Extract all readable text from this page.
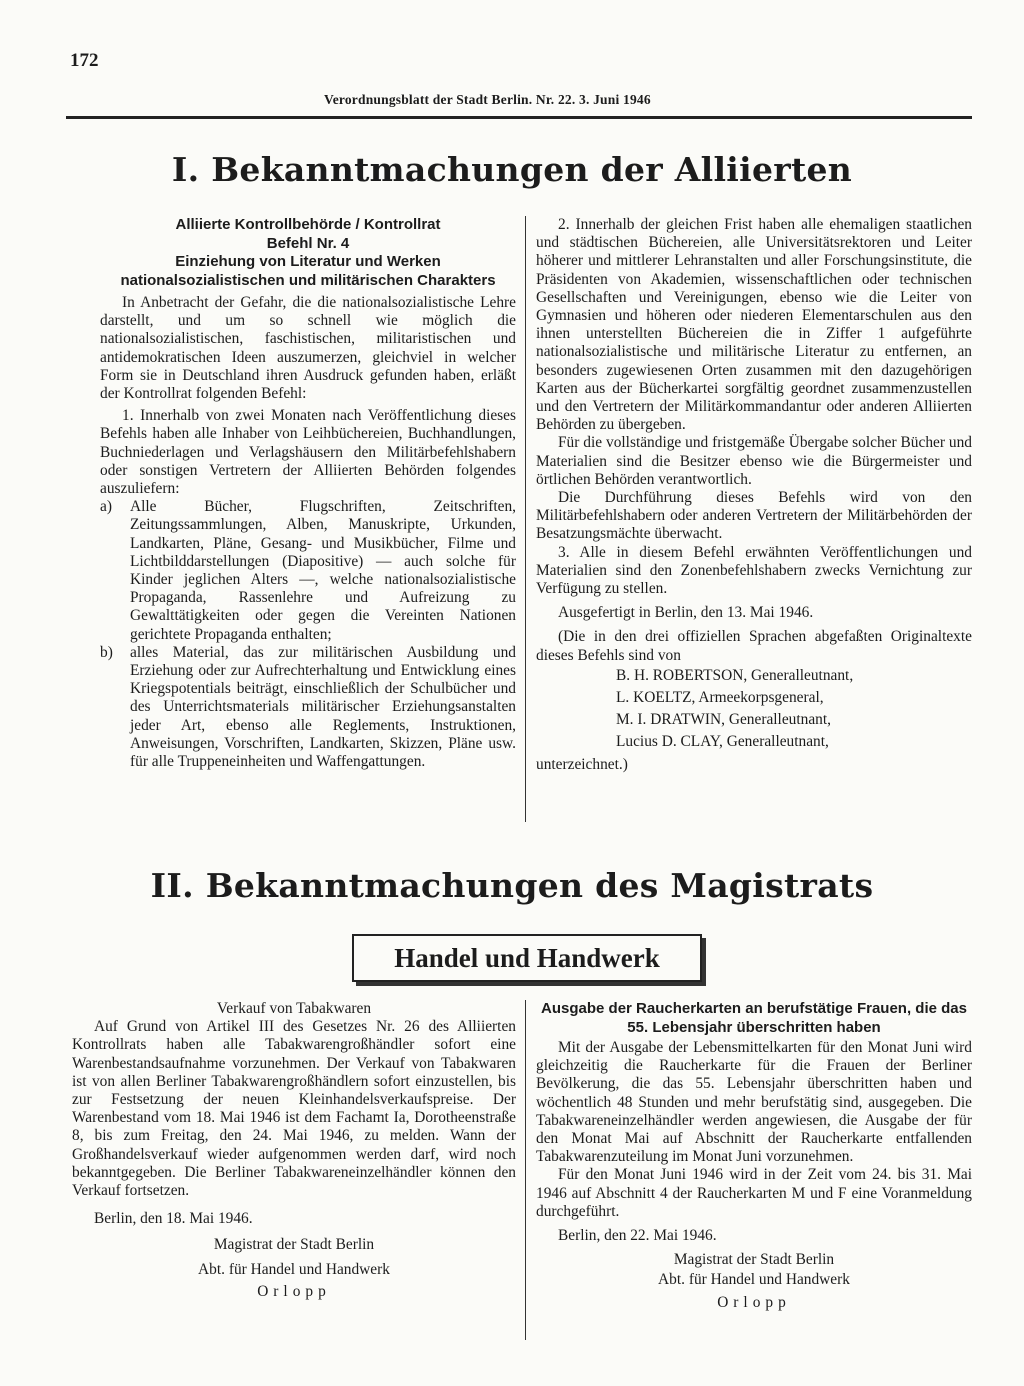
172
Verordnungsblatt der Stadt Berlin. Nr. 22. 3. Juni 1946
I. Bekanntmachungen der Alliierten

Alliierte Kontrollbehörde / Kontrollrat

Befehl Nr. 4

Einziehung von Literatur und Werken nationalsozialistischen und militärischen Charakters

In Anbetracht der Gefahr, die die nationalsozialistische Lehre darstellt, und um so schnell wie möglich die nationalsozialistischen, faschistischen, militaristischen und antidemokratischen Ideen auszumerzen, gleichviel in welcher Form sie in Deutschland ihren Ausdruck gefunden haben, erläßt der Kontrollrat folgenden Befehl:

1. Innerhalb von zwei Monaten nach Veröffentlichung dieses Befehls haben alle Inhaber von Leihbüchereien, Buchhandlungen, Buchniederlagen und Verlagshäusern den Militärbefehlshabern oder sonstigen Vertretern der Alliierten Behörden folgendes auszuliefern:

a)	Alle Bücher, Flugschriften, Zeitschriften, Zeitungssammlungen, Alben, Manuskripte, Urkunden, Landkarten, Pläne, Gesang- und Musikbücher, Filme und Lichtbilddarstellungen (Diapositive) — auch solche für Kinder jeglichen Alters —, welche nationalsozialistische Propaganda, Rassenlehre und Aufreizung zu Gewalttätigkeiten oder gegen die Vereinten Nationen gerichtete Propaganda enthalten;
b)	alles Material, das zur militärischen Ausbildung und Erziehung oder zur Aufrechterhaltung und Entwicklung eines Kriegspotentials beiträgt, einschließlich der Schulbücher und des Unterrichtsmaterials militärischer Erziehungsanstalten jeder Art, ebenso alle Reglements, Instruktionen, Anweisungen, Vorschriften, Landkarten, Skizzen, Pläne usw. für alle Truppeneinheiten und Waffengattungen.

2. Innerhalb der gleichen Frist haben alle ehemaligen staatlichen und städtischen Büchereien, alle Universitätsrektoren und Leiter höherer und mittlerer Lehranstalten und aller Forschungsinstitute, die Präsidenten von Akademien, wissenschaftlichen oder technischen Gesellschaften und Vereinigungen, ebenso wie die Leiter von Gymnasien und höheren oder niederen Elementarschulen aus den ihnen unterstellten Büchereien die in Ziffer 1 aufgeführte nationalsozialistische und militärische Literatur zu entfernen, an besonders zugewiesenen Orten zusammen mit den dazugehörigen Karten aus der Bücherkartei sorgfältig geordnet zusammenzustellen und den Vertretern der Militärkommandantur oder anderen Alliierten Behörden zu übergeben.

Für die vollständige und fristgemäße Übergabe solcher Bücher und Materialien sind die Besitzer ebenso wie die Bürgermeister und örtlichen Behörden verantwortlich.

Die Durchführung dieses Befehls wird von den Militärbefehlshabern oder anderen Vertretern der Militärbehörden der Besatzungsmächte überwacht.

3. Alle in diesem Befehl erwähnten Veröffentlichungen und Materialien sind den Zonenbefehlshabern zwecks Vernichtung zur Verfügung zu stellen.

Ausgefertigt in Berlin, den 13. Mai 1946.

(Die in den drei offiziellen Sprachen abgefaßten Originaltexte dieses Befehls sind von

B. H. ROBERTSON, Generalleutnant,

L. KOELTZ, Armeekorpsgeneral,

M. I. DRATWIN, Generalleutnant,

Lucius D. CLAY, Generalleutnant,

unterzeichnet.)

II. Bekanntmachungen des Magistrats
Handel und Handwerk

Verkauf von Tabakwaren

Auf Grund von Artikel III des Gesetzes Nr. 26 des Alliierten Kontrollrats haben alle Tabakwarengroßhändler sofort eine Warenbestandsaufnahme vorzunehmen. Der Verkauf von Tabakwaren ist von allen Berliner Tabakwarengroßhändlern sofort einzustellen, bis zur Festsetzung der neuen Kleinhandelsverkaufspreise. Der Warenbestand vom 18. Mai 1946 ist dem Fachamt Ia, Dorotheenstraße 8, bis zum Freitag, den 24. Mai 1946, zu melden. Wann der Großhandelsverkauf wieder aufgenommen werden darf, wird noch bekanntgegeben. Die Berliner Tabakwareneinzelhändler können den Verkauf fortsetzen.

Berlin, den 18. Mai 1946.

Magistrat der Stadt Berlin

Abt. für Handel und Handwerk

Orlopp

Ausgabe der Raucherkarten an berufstätige Frauen, die das 55. Lebensjahr überschritten haben

Mit der Ausgabe der Lebensmittelkarten für den Monat Juni wird gleichzeitig die Raucherkarte für die Frauen der Berliner Bevölkerung, die das 55. Lebensjahr überschritten haben und wöchentlich 48 Stunden und mehr berufstätig sind, ausgegeben. Die Tabakwareneinzelhändler werden angewiesen, die Ausgabe der für den Monat Mai auf Abschnitt der Raucherkarte entfallenden Tabakwarenzuteilung im Monat Juni vorzunehmen.

Für den Monat Juni 1946 wird in der Zeit vom 24. bis 31. Mai 1946 auf Abschnitt 4 der Raucherkarten M und F eine Voranmeldung durchgeführt.

Berlin, den 22. Mai 1946.

Magistrat der Stadt Berlin

Abt. für Handel und Handwerk

Orlopp
